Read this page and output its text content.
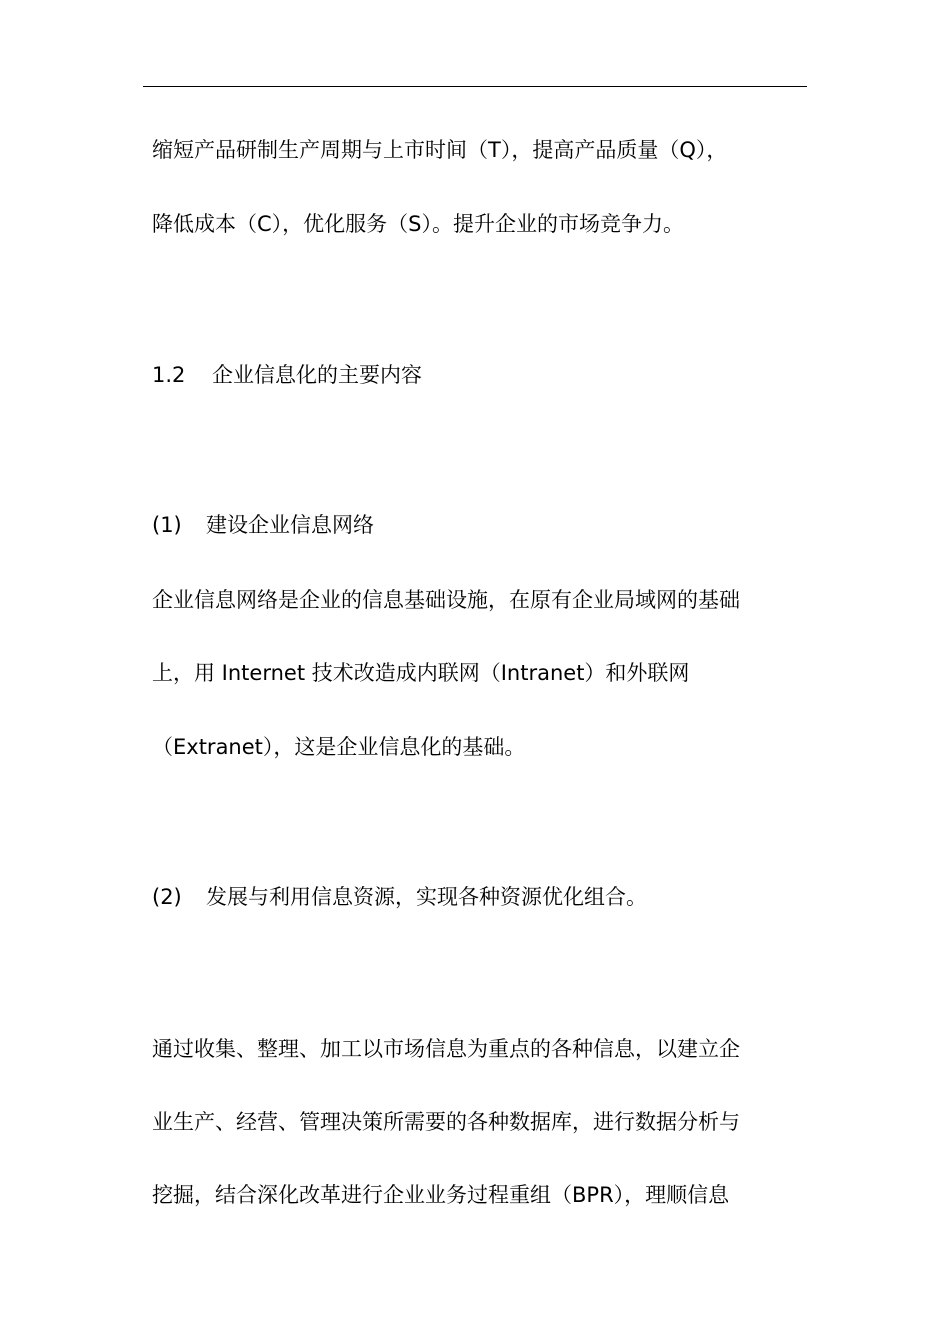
缩短产品研制生产周期与上市时间（T），提高产品质量（Q），
降低成本（C），优化服务（S）。提升企业的市场竞争力。
1.2 企业信息化的主要内容
(1) 建设企业信息网络
企业信息网络是企业的信息基础设施，在原有企业局域网的基础
上，用 Internet 技术改造成内联网（Intranet）和外联网
（Extranet），这是企业信息化的基础。
(2) 发展与利用信息资源，实现各种资源优化组合。
通过收集、整理、加工以市场信息为重点的各种信息，以建立企
业生产、经营、管理决策所需要的各种数据库，进行数据分析与
挖掘，结合深化改革进行企业业务过程重组（BPR），理顺信息
